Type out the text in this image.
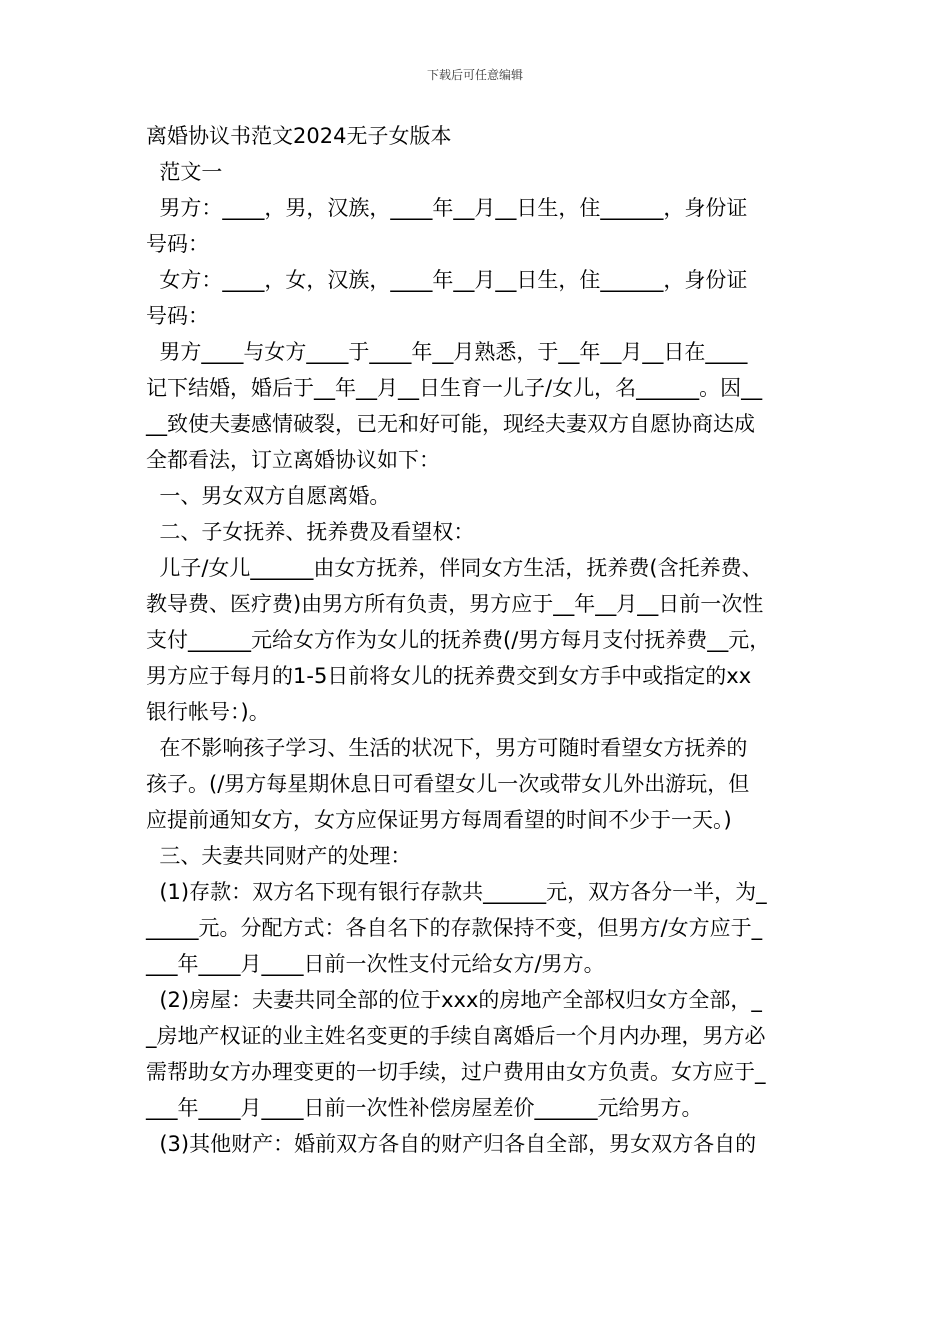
下载后可任意编辑

离婚协议书范文2024无子女版本

范文一

男方：____，男，汉族，____年__月__日生，住______，身份证

号码：

女方：____，女，汉族，____年__月__日生，住______，身份证

号码：

男方____与女方____于____年__月熟悉，于__年__月__日在____

记下结婚，婚后于__年__月__日生育一儿子/女儿，名______。因__

__致使夫妻感情破裂，已无和好可能，现经夫妻双方自愿协商达成

全都看法，订立离婚协议如下：

一、男女双方自愿离婚。

二、子女抚养、抚养费及看望权：

儿子/女儿______由女方抚养，伴同女方生活，抚养费(含托养费、

教导费、医疗费)由男方所有负责，男方应于__年__月__日前一次性

支付______元给女方作为女儿的抚养费(/男方每月支付抚养费__元，

男方应于每月的1-5日前将女儿的抚养费交到女方手中或指定的xx

银行帐号：)。

在不影响孩子学习、生活的状况下，男方可随时看望女方抚养的

孩子。(/男方每星期休息日可看望女儿一次或带女儿外出游玩，但

应提前通知女方，女方应保证男方每周看望的时间不少于一天。)

三、夫妻共同财产的处理：

(1)存款：双方名下现有银行存款共______元，双方各分一半，为_

_____元。分配方式：各自名下的存款保持不变，但男方/女方应于_

___年____月____日前一次性支付元给女方/男方。

(2)房屋：夫妻共同全部的位于xxx的房地产全部权归女方全部，_

_房地产权证的业主姓名变更的手续自离婚后一个月内办理，男方必

需帮助女方办理变更的一切手续，过户费用由女方负责。女方应于_

___年____月____日前一次性补偿房屋差价______元给男方。

(3)其他财产：婚前双方各自的财产归各自全部，男女双方各自的
